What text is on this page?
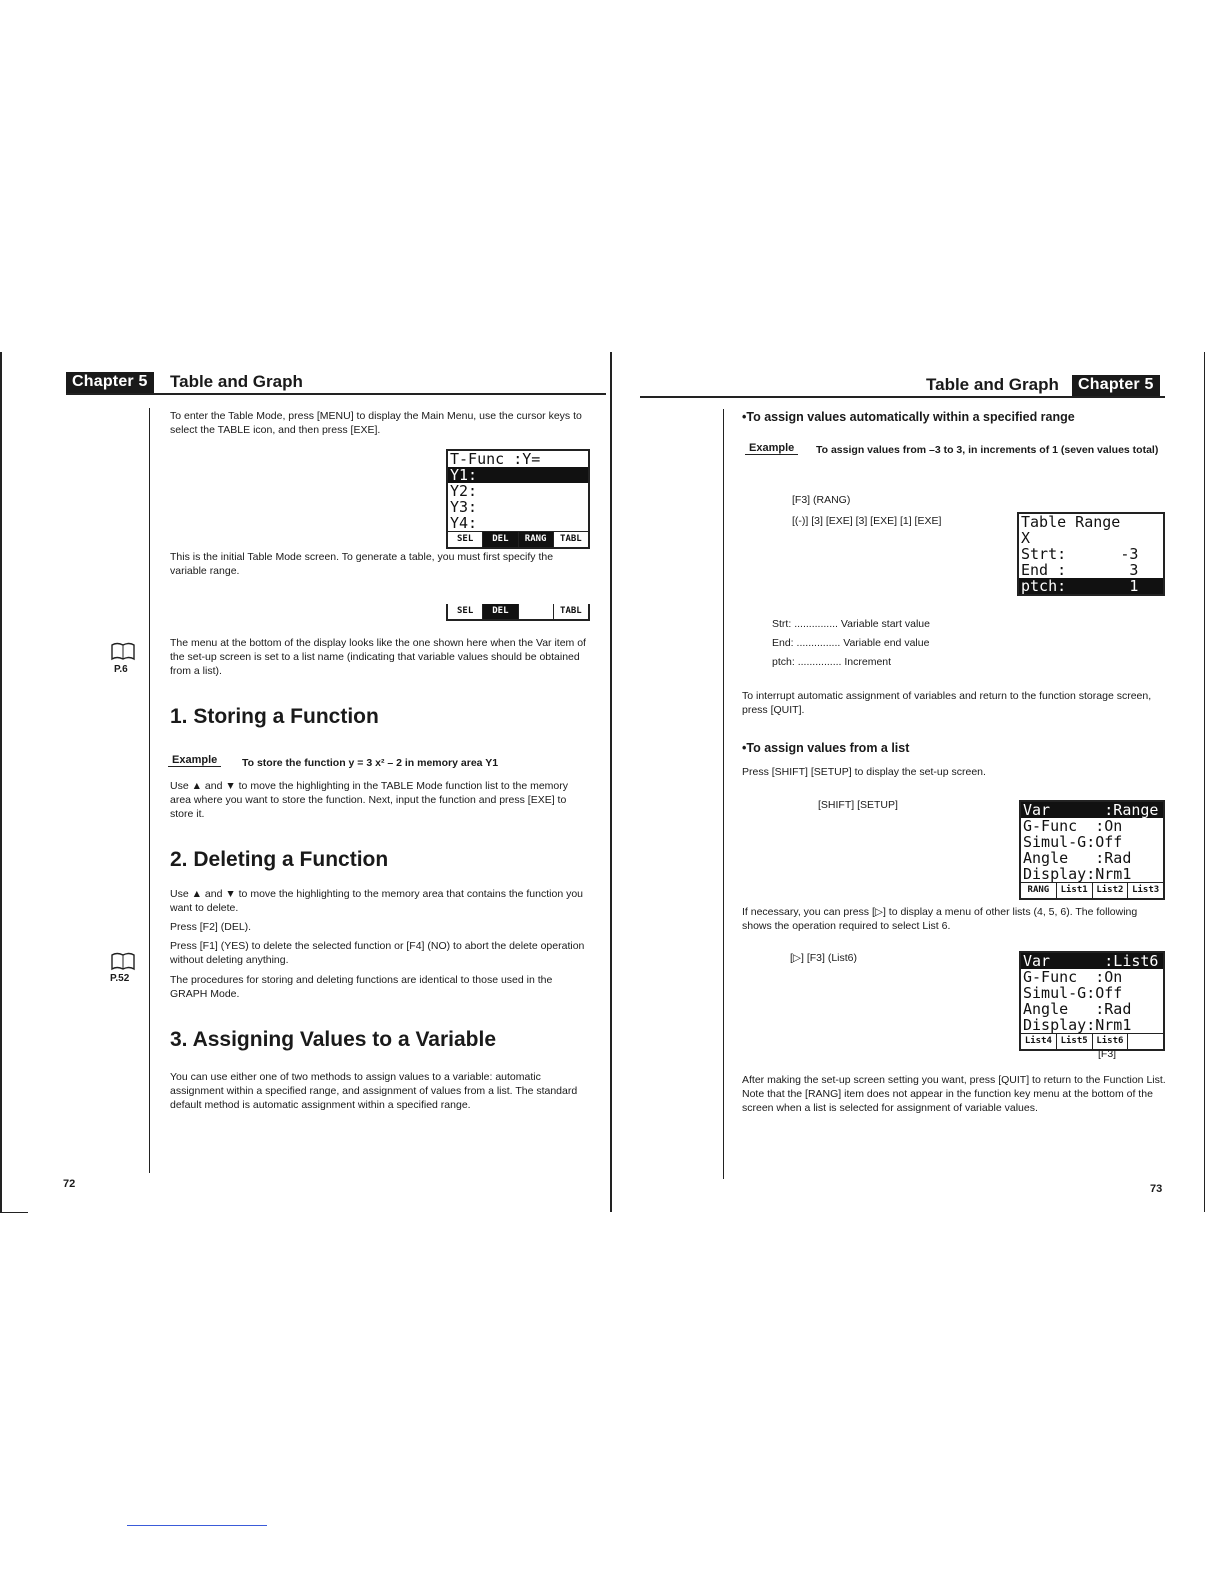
Chapter 5	Table and Graph
To enter the Table Mode, press [MENU] to display the Main Menu, use the cursor keys to select the TABLE icon, and then press [EXE].
T-Func :Y=
Y1:
Y2:
Y3:
Y4:
SEL	DEL	RANG	TABL
This is the initial Table Mode screen. To generate a table, you must first specify the variable range.
SEL	DEL	TABL
P.6
The menu at the bottom of the display looks like the one shown here when the Var item of the set-up screen is set to a list name (indicating that variable values should be obtained from a list).
1. Storing a Function
Example	To store the function y = 3 x² – 2 in memory area Y1
Use ▲ and ▼ to move the highlighting in the TABLE Mode function list to the memory area where you want to store the function. Next, input the function and press [EXE] to store it.
2. Deleting a Function
Use ▲ and ▼ to move the highlighting to the memory area that contains the function you want to delete.
Press [F2] (DEL).
Press [F1] (YES) to delete the selected function or [F4] (NO) to abort the delete operation without deleting anything.
P.52	The procedures for storing and deleting functions are identical to those used in the GRAPH Mode.
3. Assigning Values to a Variable
You can use either one of two methods to assign values to a variable: automatic assignment within a specified range, and assignment of values from a list. The standard default method is automatic assignment within a specified range.
72
Table and Graph	Chapter 5
•To assign values automatically within a specified range
Example	To assign values from –3 to 3, in increments of 1 (seven values total)
[F3] (RANG)
[(-)] [3] [EXE] [3] [EXE] [1] [EXE]	Table Range
X
Strt:      -3
End :       3
ptch:       1
Strt: ............... Variable start value
End: ............... Variable end value
ptch: ............... Increment
To interrupt automatic assignment of variables and return to the function storage screen, press [QUIT].
•To assign values from a list
Press [SHIFT] [SETUP] to display the set-up screen.
[SHIFT] [SETUP]	Var      :Range
G-Func  :On
Simul-G:Off
Angle   :Rad
Display:Nrm1
RANG	List1 List2 List3
If necessary, you can press [▷] to display a menu of other lists (4, 5, 6). The following shows the operation required to select List 6.
[▷] [F3] (List6)	Var      :List6
G-Func  :On
Simul-G:Off
Angle   :Rad
Display:Nrm1
List4 List5 List6
[F3]
After making the set-up screen setting you want, press [QUIT] to return to the Function List. Note that the [RANG] item does not appear in the function key menu at the bottom of the screen when a list is selected for assignment of variable values.
73
